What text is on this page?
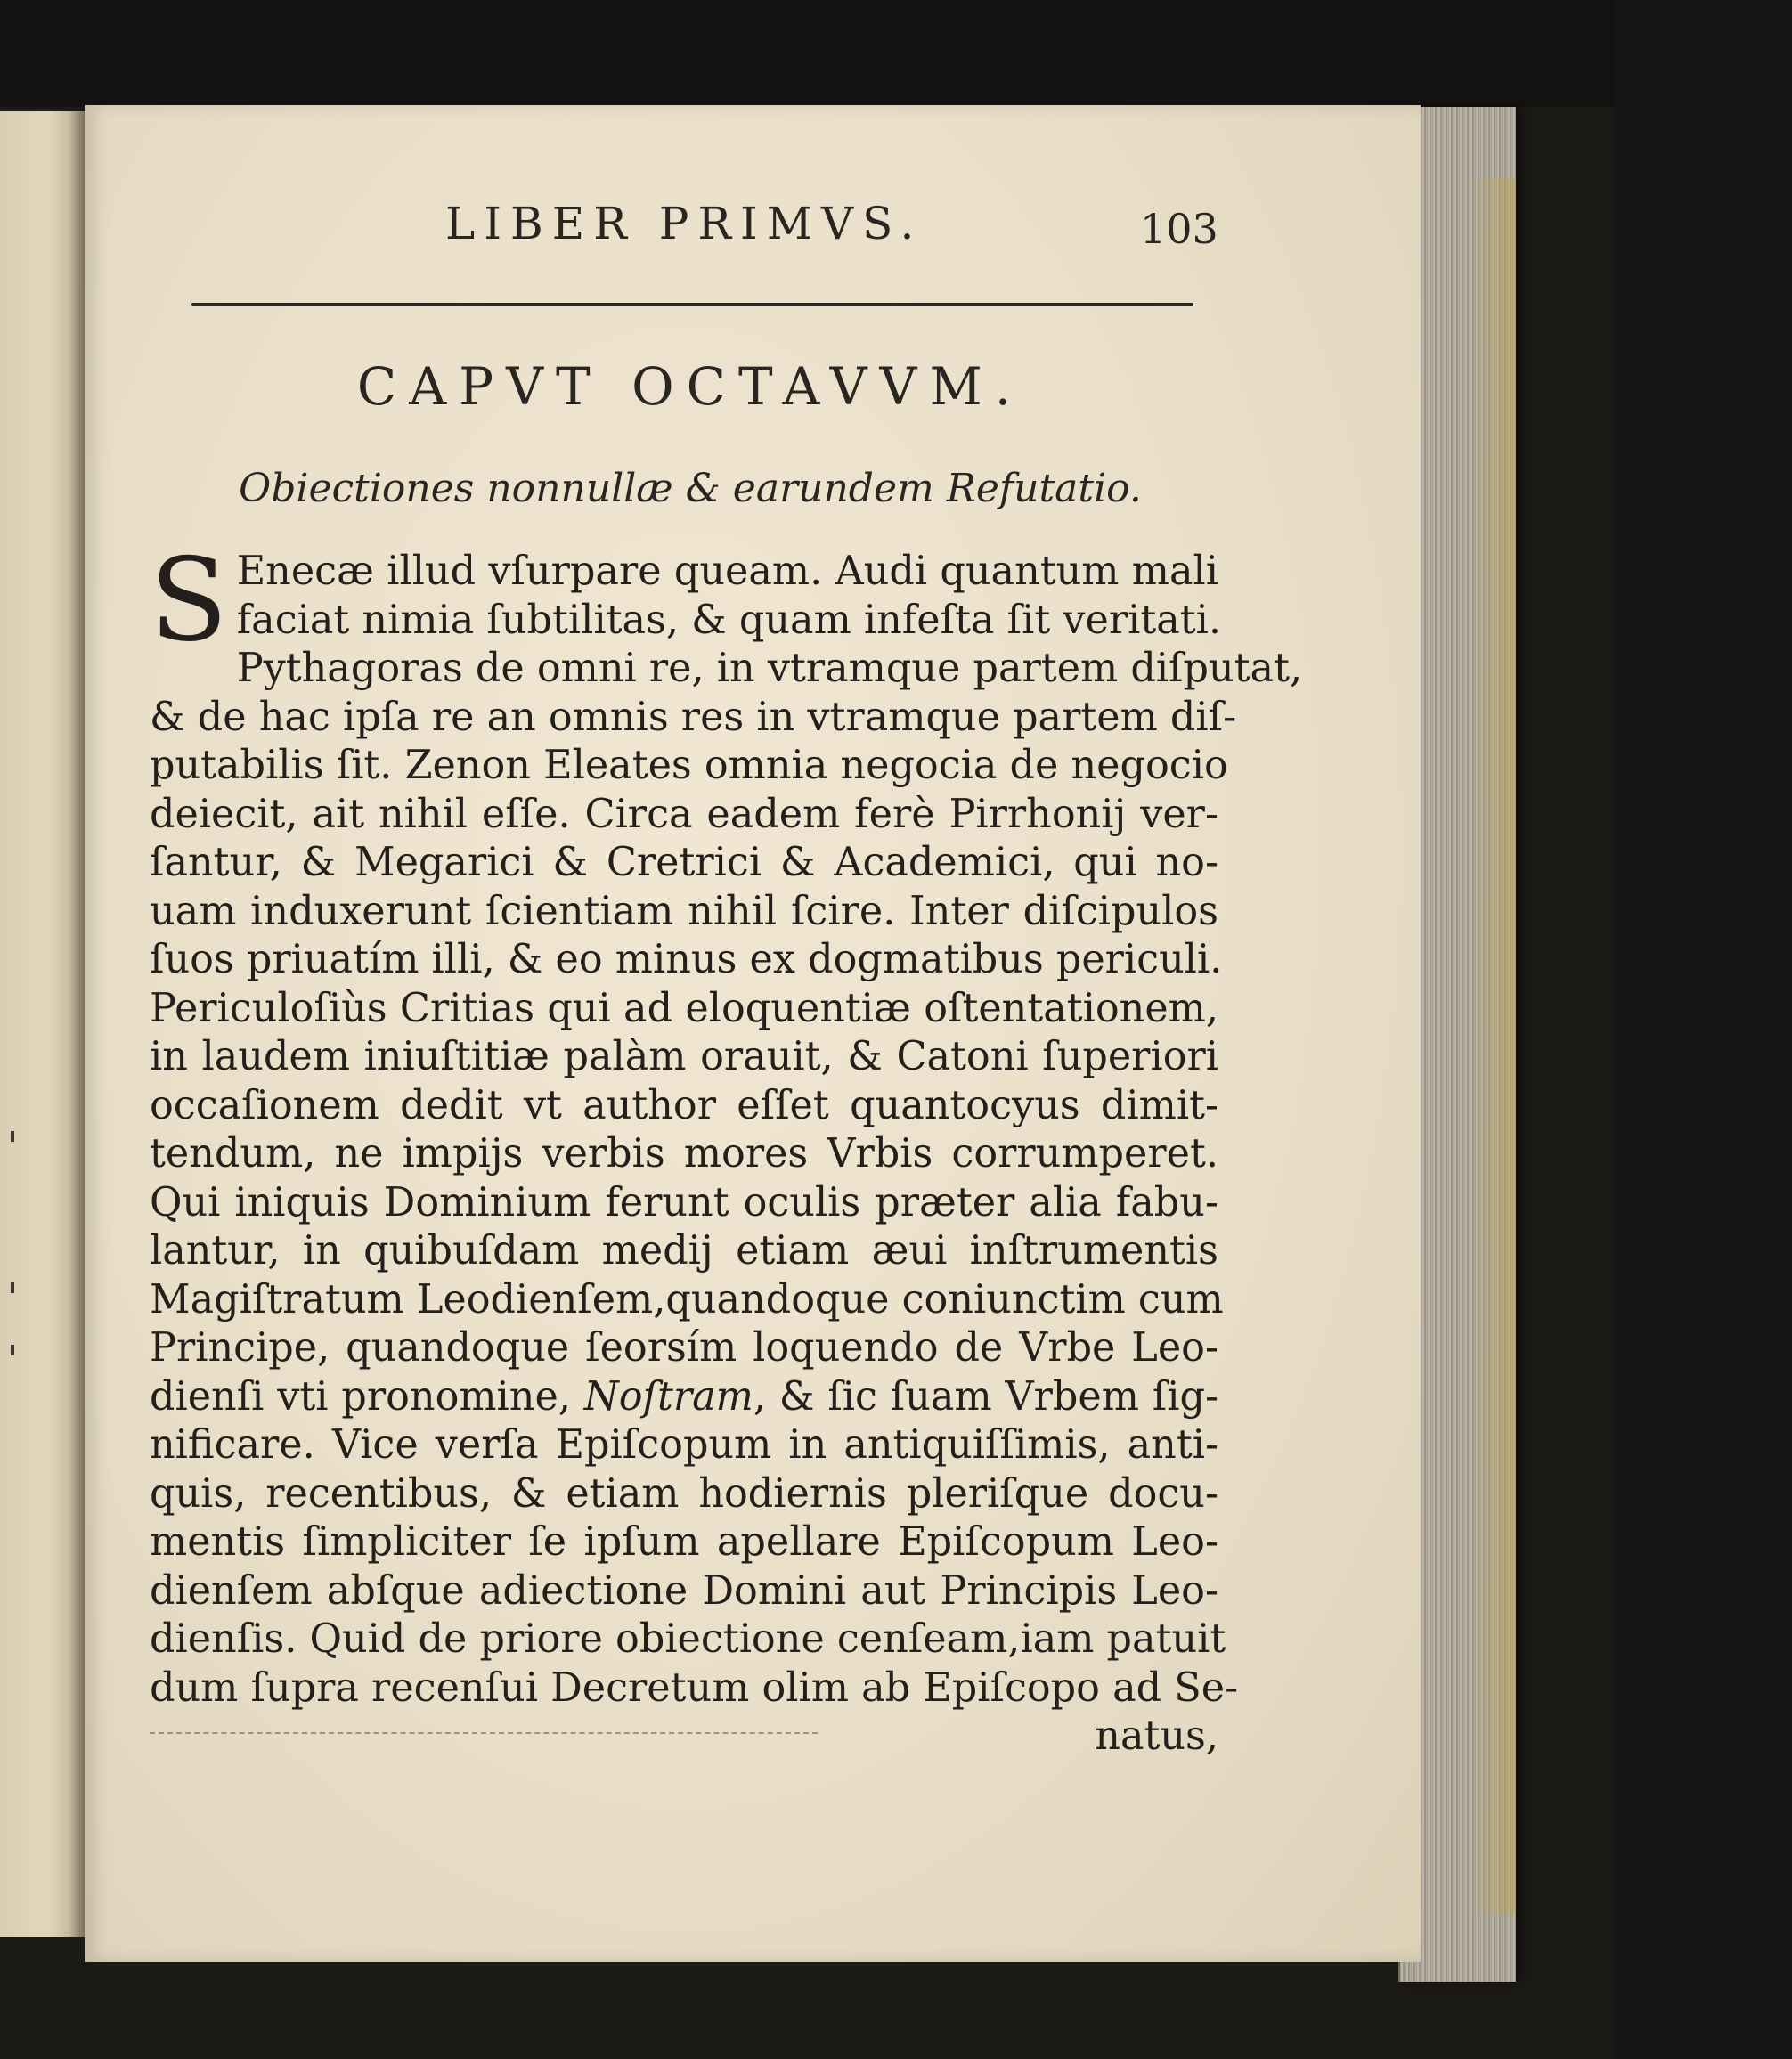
LIBER PRIMVS.	103
CAPVT OCTAVVM.
Obiectiones nonnullæ & earundem Refutatio.
S Enecæ illud vſurpare queam. Audi quantum mali
faciat nimia ſubtilitas, & quam infeſta ſit veritati.
Pythagoras de omni re, in vtramque partem diſputat,
& de hac ipſa re an omnis res in vtramque partem diſ-
putabilis ſit. Zenon Eleates omnia negocia de negocio
deiecit, ait nihil eſſe. Circa eadem ferè Pirrhonij ver-
ſantur, & Megarici & Cretrici & Academici, qui no-
uam induxerunt ſcientiam nihil ſcire. Inter diſcipulos
ſuos priuatím illi, & eo minus ex dogmatibus periculi.
Periculoſiùs Critias qui ad eloquentiæ oſtentationem,
in laudem iniuſtitiæ palàm orauit, & Catoni ſuperiori
occaſionem dedit vt author eſſet quantocyus dimit-
tendum, ne impijs verbis mores Vrbis corrumperet.
Qui iniquis Dominium ferunt oculis præter alia fabu-
lantur, in quibuſdam medij etiam æui inſtrumentis
Magiſtratum Leodienſem,quandoque coniunctim cum
Principe, quandoque ſeorsím loquendo de Vrbe Leo-
dienſi vti pronomine, Noſtram, & ſic ſuam Vrbem ſig-
nificare. Vice verſa Epiſcopum in antiquiſſimis, anti-
quis, recentibus, & etiam hodiernis pleriſque docu-
mentis ſimpliciter ſe ipſum apellare Epiſcopum Leo-
dienſem abſque adiectione Domini aut Principis Leo-
dienſis. Quid de priore obiectione cenſeam,iam patuit
dum ſupra recenſui Decretum olim ab Epiſcopo ad Se-
natus,
